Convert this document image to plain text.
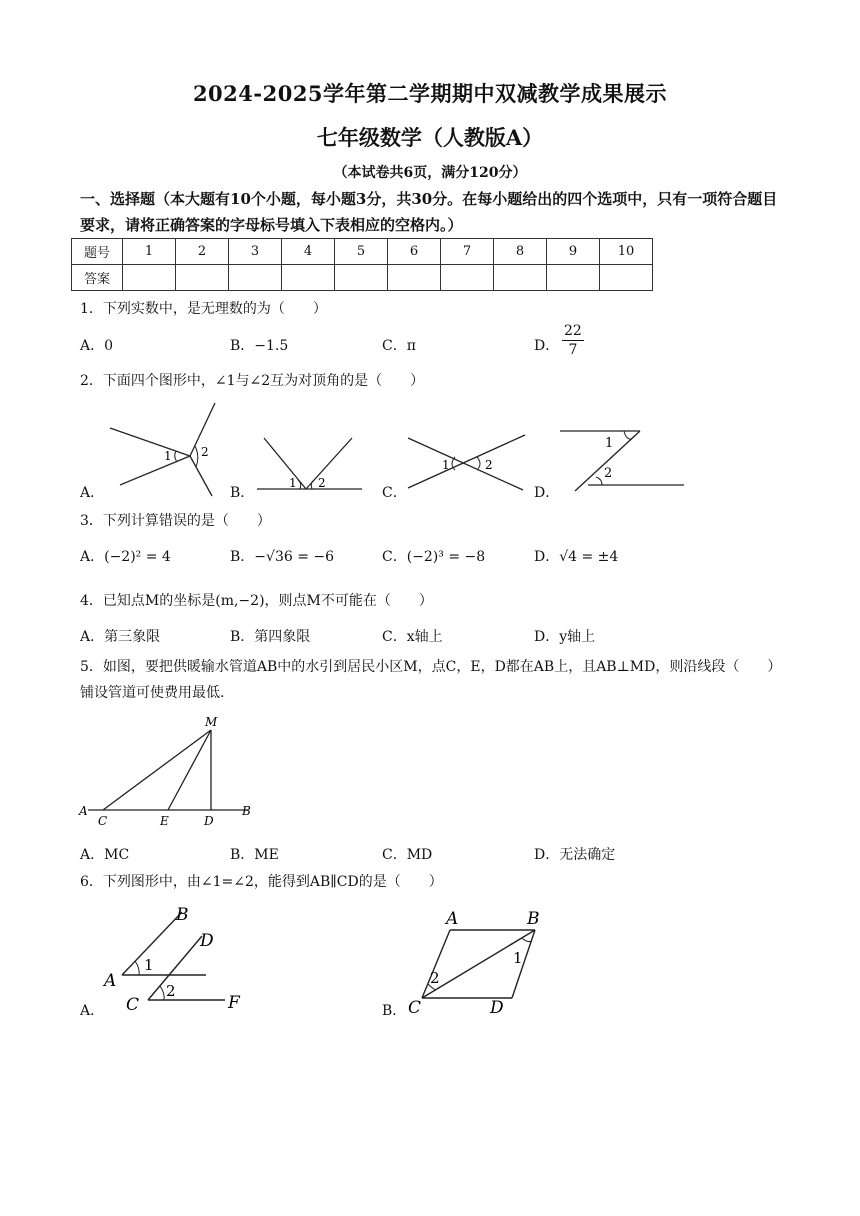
2024-2025学年第二学期期中双减教学成果展示
七年级数学（人教版A）
（本试卷共6页，满分120分）
一、选择题（本大题有10个小题，每小题3分，共30分。在每小题给出的四个选项中，只有一项符合题目要求，请将正确答案的字母标号填入下表相应的空格内。）
题号	1	2	3	4	5	6	7	8	9	10
答案										
1．下列实数中，是无理数的为（　　）
A．0	B．−1.5	C．π	D． $\frac{22}{7}$
2．下面四个图形中，∠1与∠2互为对顶角的是（　　）
A．	B．	C．	D．
1 2
1 2
1	2
1
2
3．下列计算错误的是（　　）
A．(−2)² = 4	B．−√36 = −6	C．(−2)³ = −8	D．√4 = ±4
4．已知点M的坐标是(m,−2)，则点M不可能在（　　）
A．第三象限	B．第四象限	C．x轴上	D．y轴上
5．如图，要把供暖输水管道AB中的水引到居民小区M，点C，E，D都在AB上，且AB⊥MD，则沿线段（　　）铺设管道可使费用最低.
M
A
C	E	D
B
A．MC	B．ME	C．MD	D．无法确定
6．下列图形中，由∠1=∠2，能得到AB∥CD的是（　　）
A．
B
D
A
C	F
1
2
B．
A	B
C	D
1
2
